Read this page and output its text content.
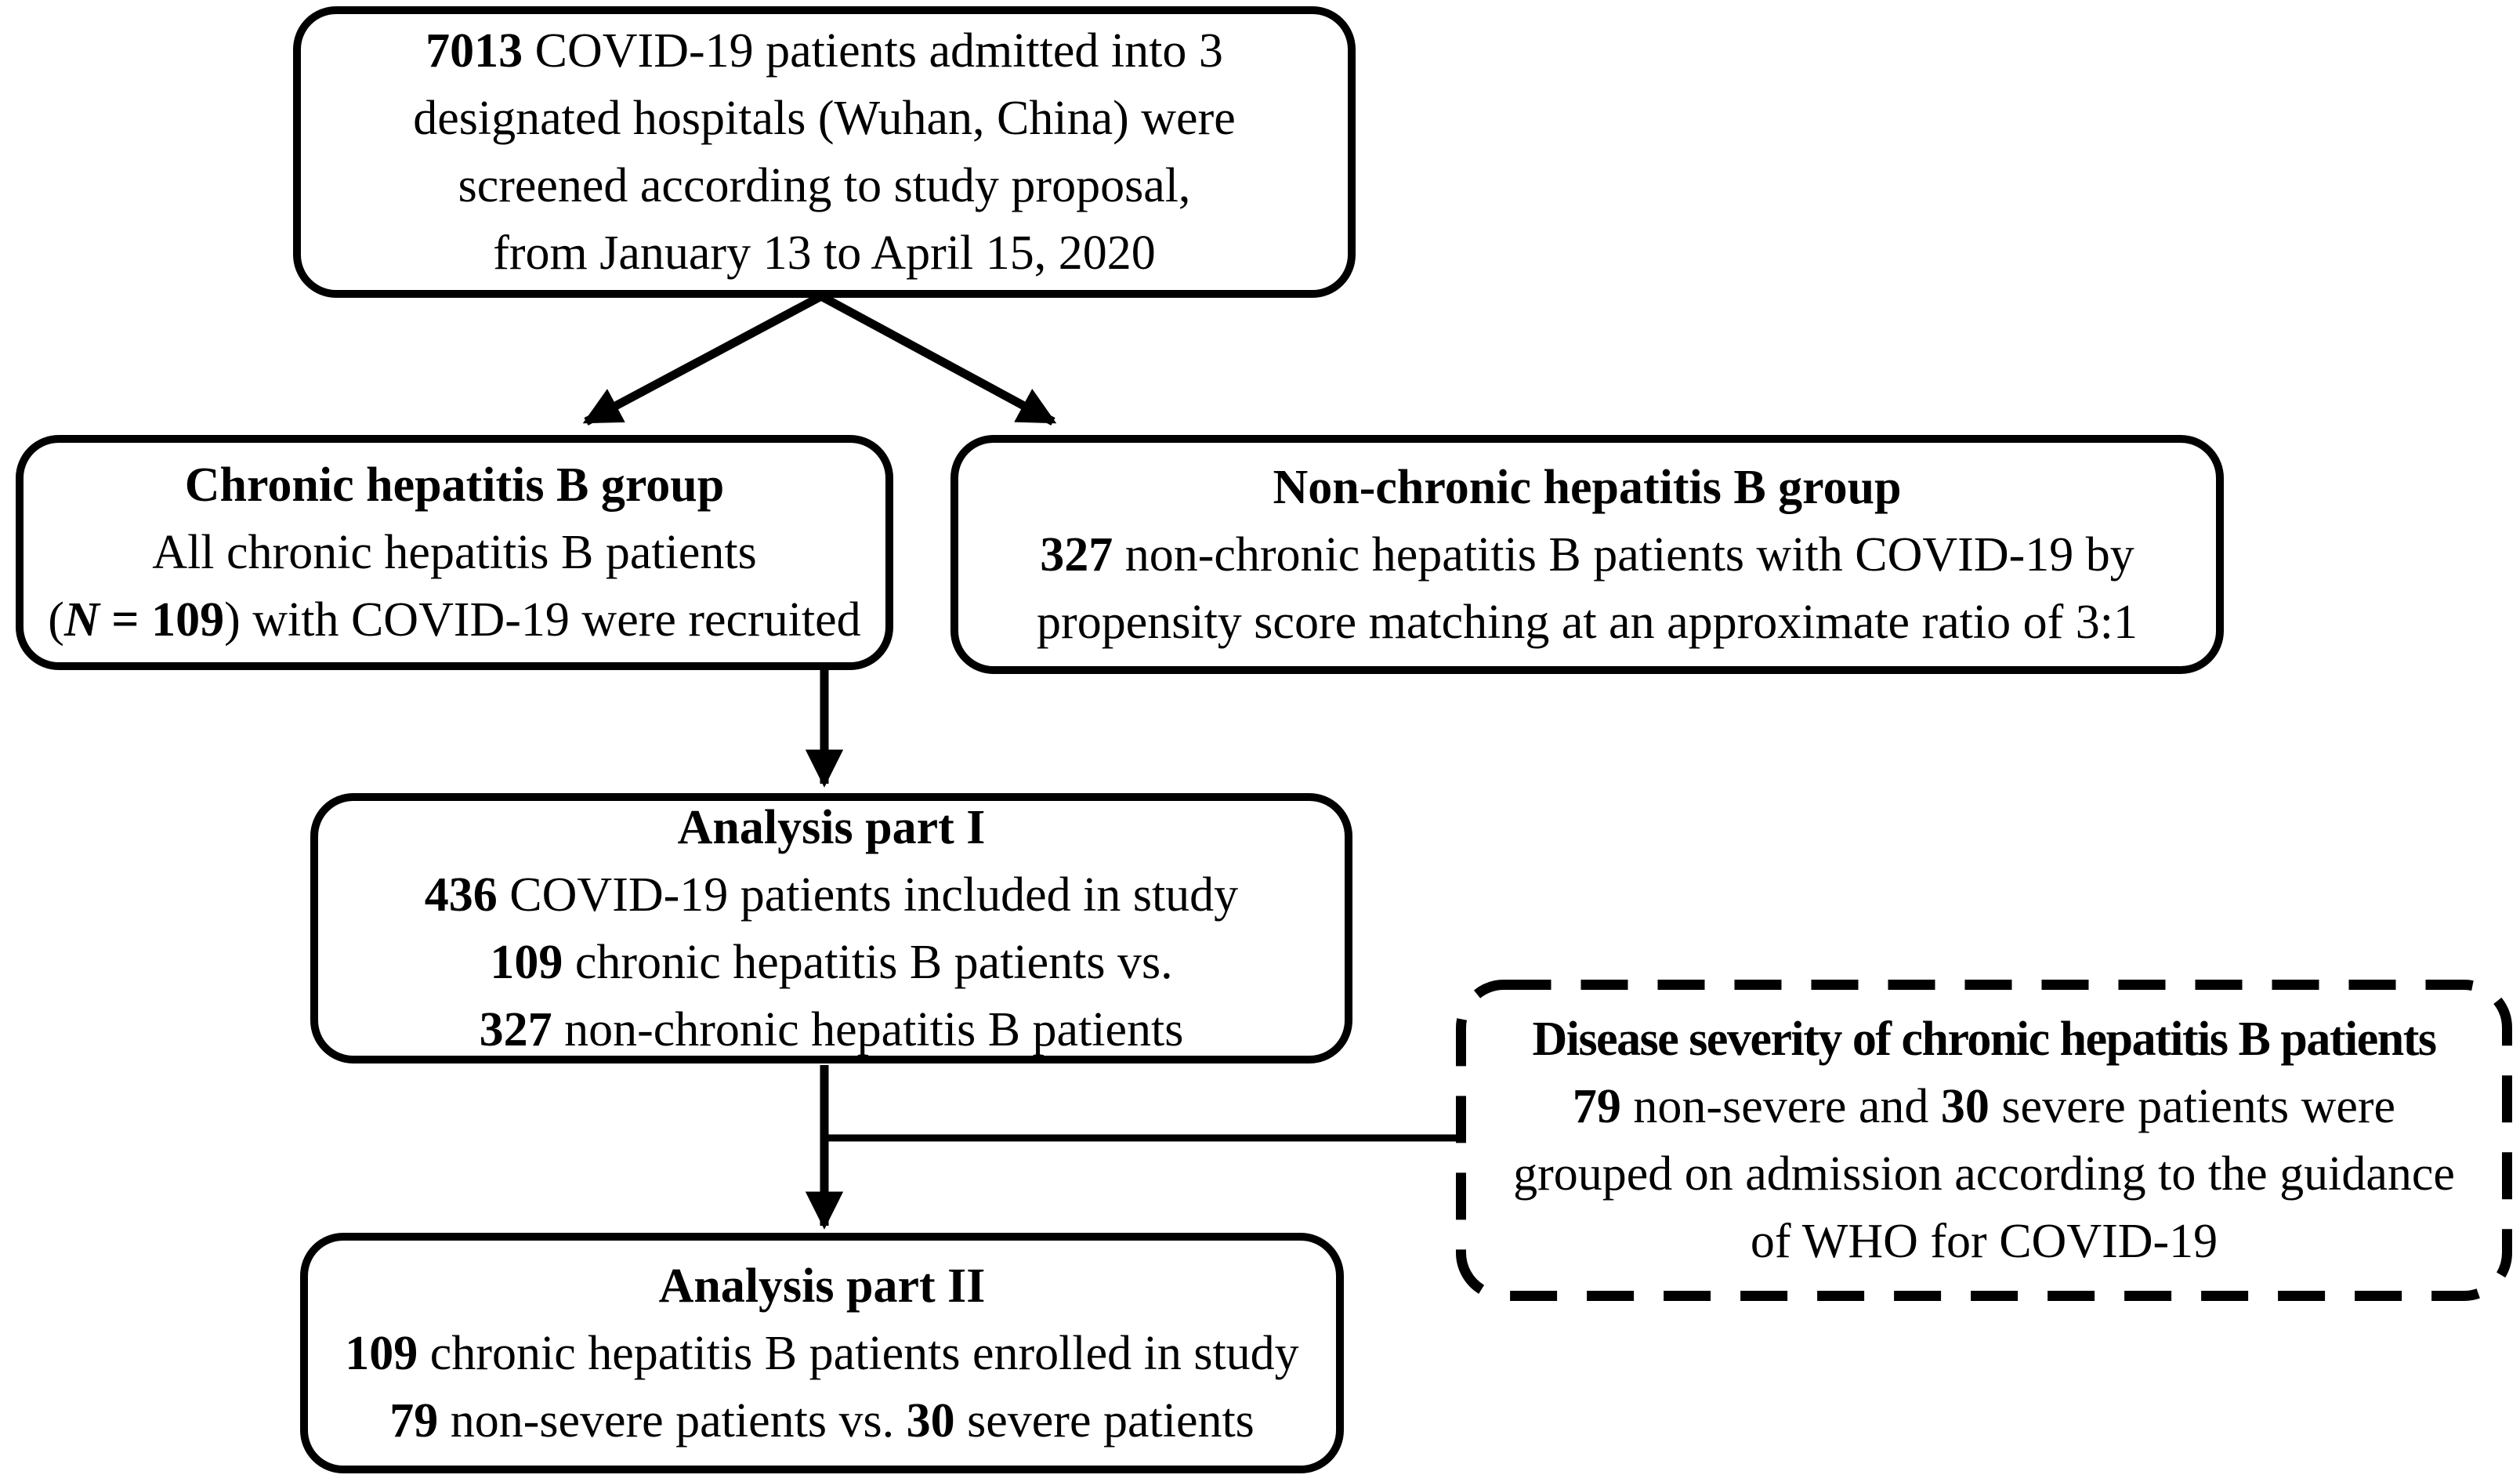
7013 COVID-19 patients admitted into 3
designated hospitals (Wuhan, China) were
screened according to study proposal,
from January 13 to April 15, 2020
Chronic hepatitis B group
All chronic hepatitis B patients
(N = 109) with COVID-19 were recruited
Non-chronic hepatitis B group
327 non-chronic hepatitis B patients with COVID-19 by
propensity score matching at an approximate ratio of 3:1
Analysis part I
436 COVID-19 patients included in study
109 chronic hepatitis B patients vs.
327 non-chronic hepatitis B patients	Disease severity of chronic hepatitis B patients
79 non-severe and 30 severe patients were
grouped on admission according to the guidance
of WHO for COVID-19
Analysis part II
109 chronic hepatitis B patients enrolled in study
79 non-severe patients vs. 30 severe patients
